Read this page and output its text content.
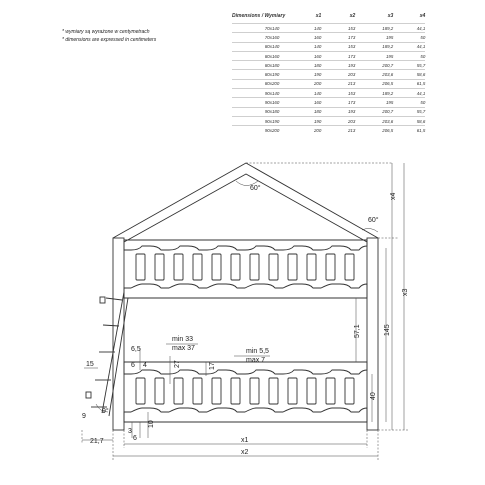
* wymiary są wyrażone w centymetrach
* dimensions are expressed in centimeters
Dimensions / Wymiary	x1	x2	x3	x4
70x140	140	153	189,2	44,1
70x160	160	173	195	50
80x140	140	153	189,2	44,1
80x160	160	173	195	50
80x180	180	193	200,7	55,7
80x190	190	203	203,6	58,6
80x200	200	213	206,5	61,5
90x140	140	153	189,2	44,1
90x160	160	173	195	50
90x180	180	193	200,7	55,7
90x190	190	203	203,6	58,6
90x200	200	213	206,5	61,5
60°
60°
x4
x3
145
57,1
40
6,5
6 4	27	17
min 33
max 37	min 5,5
max 7
15
9
9°
3
6
10
21,7	x1
x2
